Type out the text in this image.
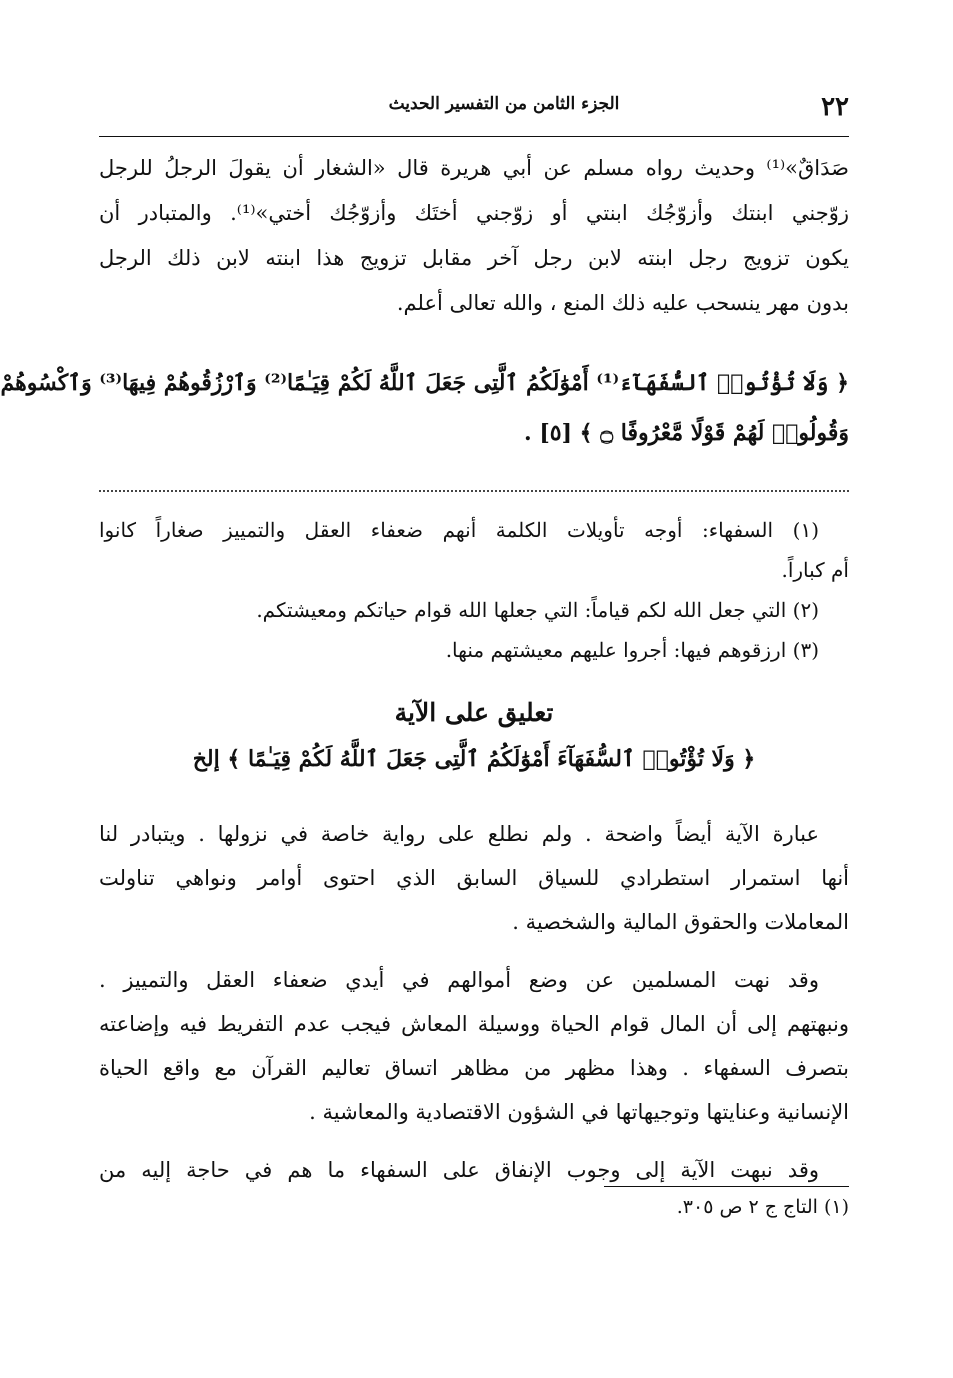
٢٢
الجزء الثامن من التفسير الحديث
صَدَاقٌ»⁽¹⁾ وحديث رواه مسلم عن أبي هريرة قال «الشغار أن يقولَ الرجلُ للرجل
زوّجني ابنتك وأزوّجُك ابنتي أو زوّجني أختَك وأزوّجُك أختي»⁽¹⁾. والمتبادر أن
يكون تزويج رجل ابنته لابن رجل آخر مقابل تزويج هذا ابنته لابن ذلك الرجل
بدون مهر ينسحب عليه ذلك المنع ، والله تعالى أعلم.
﴿ وَلَا تُؤْتُوا۟ ٱلسُّفَهَآءَ⁽¹⁾ أَمْوَٰلَكُمُ ٱلَّتِى جَعَلَ ٱللَّهُ لَكُمْ قِيَـٰمًا⁽²⁾ وَٱرْزُقُوهُمْ فِيهَا⁽³⁾ وَٱكْسُوهُمْ
وَقُولُوا۟ لَهُمْ قَوْلًا مَّعْرُوفًا ۝ ﴾ [٥] .
(١) السفهاء: أوجه تأويلات الكلمة أنهم ضعفاء العقل والتمييز صغاراً كانوا
أم كباراً.
(٢) التي جعل الله لكم قياماً: التي جعلها الله قوام حياتكم ومعيشتكم.
(٣) ارزقوهم فيها: أجروا عليهم معيشتهم منها.
تعليق على الآية
﴿ وَلَا تُؤْتُوا۟ ٱلسُّفَهَآءَ أَمْوَٰلَكُمُ ٱلَّتِى جَعَلَ ٱللَّهُ لَكُمْ قِيَـٰمًا ﴾ إلخ
عبارة الآية أيضاً واضحة . ولم نطلع على رواية خاصة في نزولها . ويتبادر لنا
أنها استمرار استطرادي للسياق السابق الذي احتوى أوامر ونواهي تناولت
المعاملات والحقوق المالية والشخصية .
وقد نهت المسلمين عن وضع أموالهم في أيدي ضعفاء العقل والتمييز .
ونبهتهم إلى أن المال قوام الحياة ووسيلة المعاش فيجب عدم التفريط فيه وإضاعته
بتصرف السفهاء . وهذا مظهر من مظاهر اتساق تعاليم القرآن مع واقع الحياة
الإنسانية وعنايتها وتوجيهاتها في الشؤون الاقتصادية والمعاشية .
وقد نبهت الآية إلى وجوب الإنفاق على السفهاء ما هم في حاجة إليه من
(١) التاج ج ٢ ص ٣٠٥.
